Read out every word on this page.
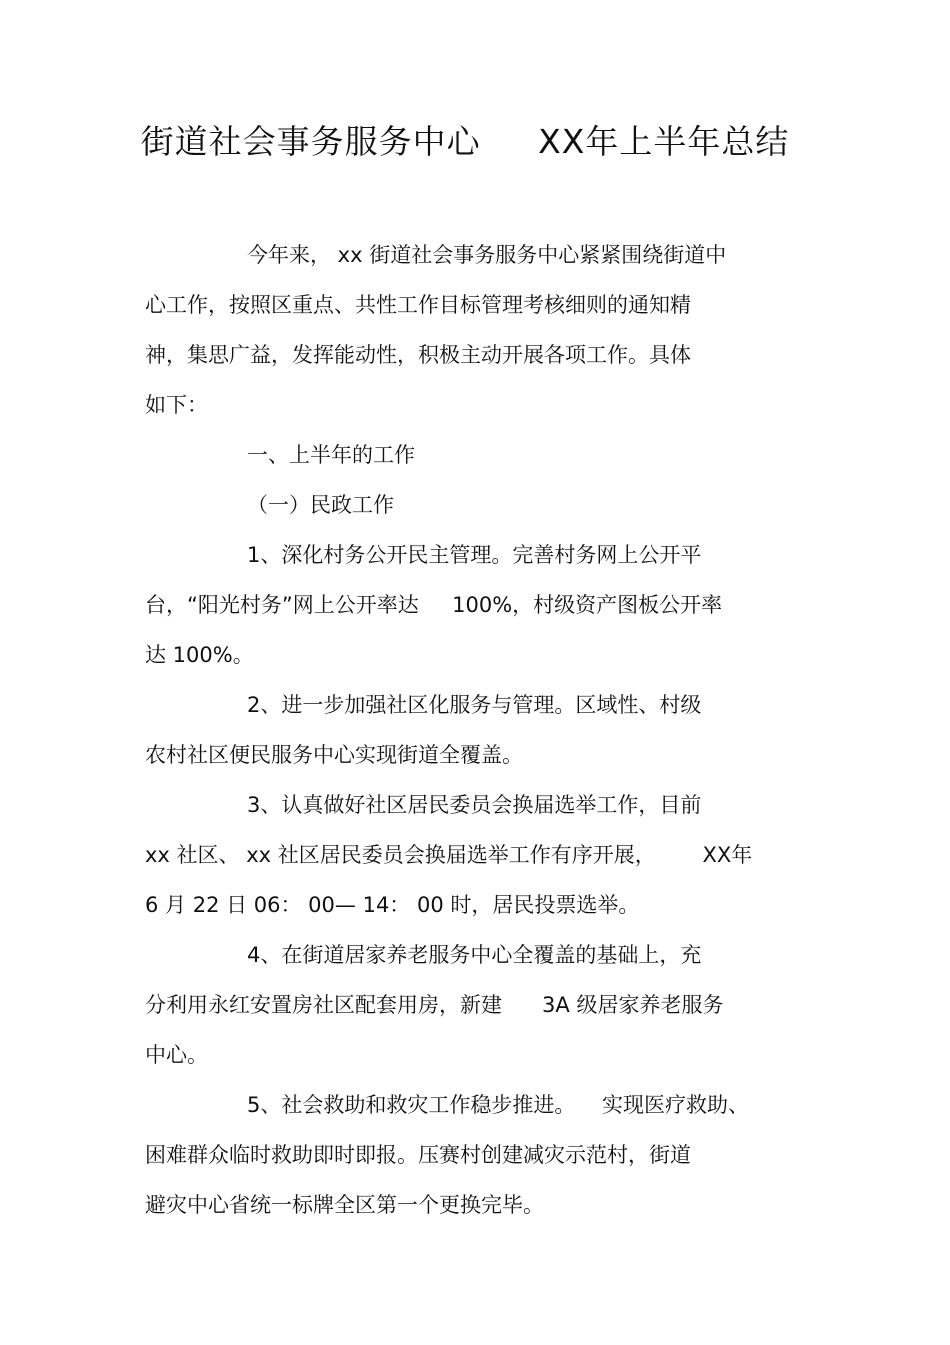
街道社会事务服务中心     XX年上半年总结
今年来， xx 街道社会事务服务中心紧紧围绕街道中
心工作，按照区重点、共性工作目标管理考核细则的通知精
神，集思广益，发挥能动性，积极主动开展各项工作。具体
如下：
一、上半年的工作
（一）民政工作
1、深化村务公开民主管理。完善村务网上公开平
台，“阳光村务”网上公开率达     100%，村级资产图板公开率
达 100%。
2、进一步加强社区化服务与管理。区域性、村级
农村社区便民服务中心实现街道全覆盖。
3、认真做好社区居民委员会换届选举工作，目前
xx 社区、 xx 社区居民委员会换届选举工作有序开展，       XX年
6 月 22 日 06： 00— 14： 00 时，居民投票选举。
4、在街道居家养老服务中心全覆盖的基础上，充
分利用永红安置房社区配套用房，新建      3A 级居家养老服务
中心。
5、社会救助和救灾工作稳步推进。    实现医疗救助、
困难群众临时救助即时即报。压赛村创建减灾示范村，街道
避灾中心省统一标牌全区第一个更换完毕。
